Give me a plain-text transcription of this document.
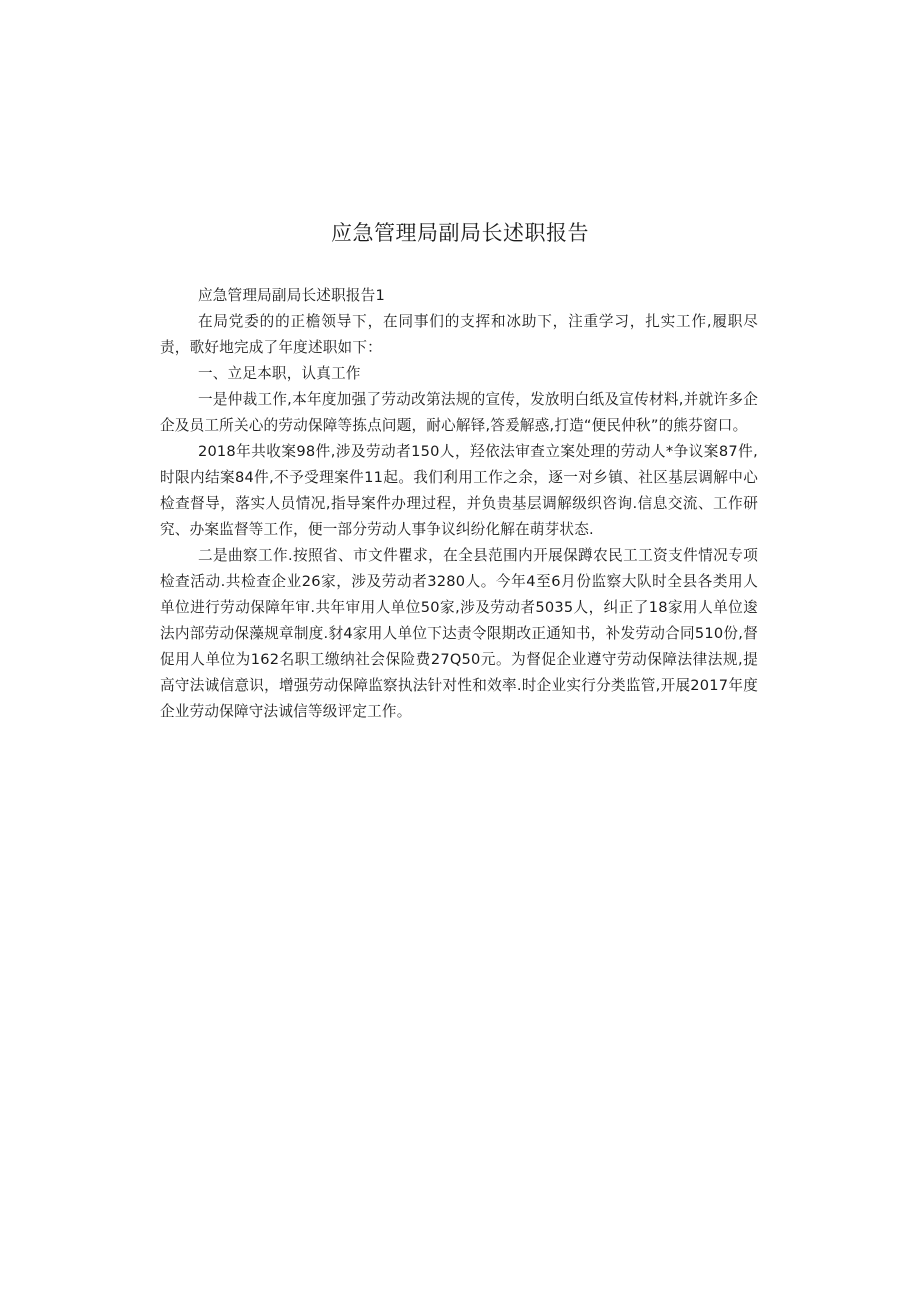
应急管理局副局长述职报告

应急管理局副局长述职报告1

在局党委的的正檐领导下，在同事们的支挥和冰助下，注重学习，扎实工作,履职尽责，歌好地完成了年度述职如下：

一、立足本职，认真工作

一是仲裁工作,本年度加强了劳动改第法规的宣传，发放明白纸及宣传材料,并就许多企企及员工所关心的劳动保障等拣点问题，耐心解铎,答爰解惑,打造“便民仲秋”的熊芬窗口。

2018年共收案98件,涉及劳动者150人，羟依法审查立案处理的劳动人*争议案87件,时限内结案84件,不予受理案件11起。我们利用工作之余，逐一对乡镇、社区基层调解中心检查督导，落实人员情况,指导案件办理过程，并负贵基层调解级织咨询.信息交流、工作研究、办案监督等工作，便一部分劳动人事争议纠纷化解在萌芽状态.

二是曲察工作.按照省、市文件瞿求，在全县范围内开展保蹲农民工工资支件情况专项检查活动.共检查企业26家，涉及劳动者3280人。今年4至6月份监察大队时全县各类用人单位进行劳动保障年审.共年审用人单位50家,涉及劳动者5035人，纠正了18家用人单位逡法内部劳动保藻规章制度.豺4家用人单位下达责令限期改正通知书，补发劳动合同510份,督促用人单位为162名职工缴纳社会保险费27Q50元。为督促企业遵守劳动保障法律法规,提高守法诚信意识，增强劳动保障监察执法针对性和效率.时企业实行分类监管,开展2017年度企业劳动保障守法诚信等级评定工作。
